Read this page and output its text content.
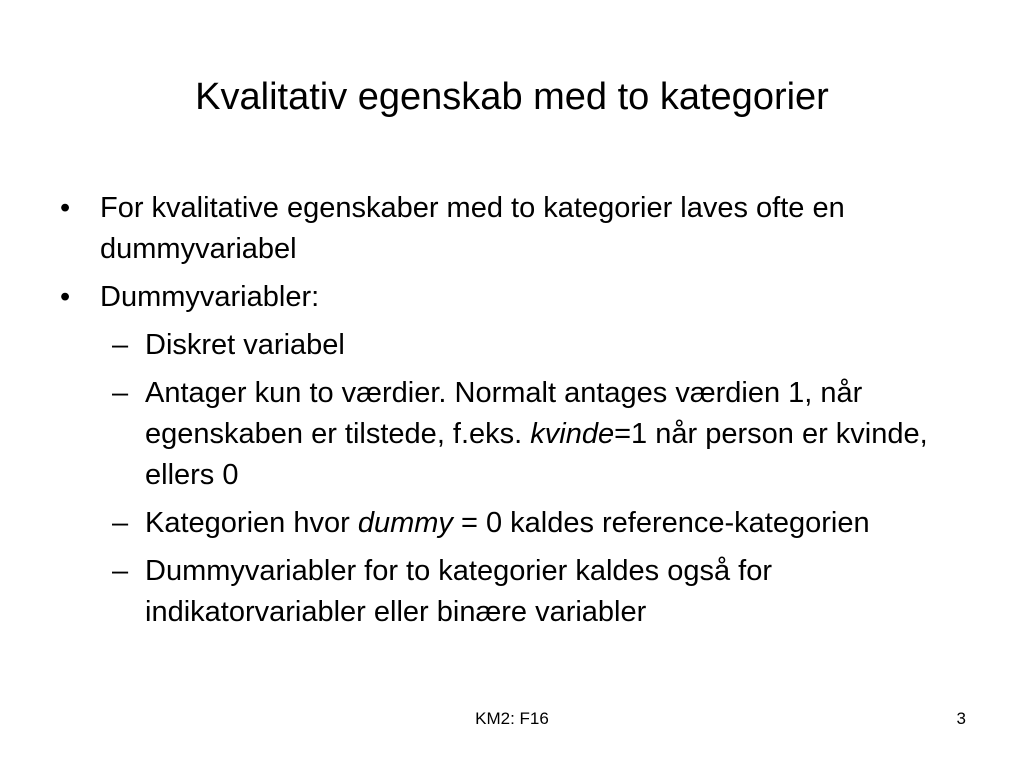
Kvalitativ egenskab med to kategorier
•	For kvalitative egenskaber med to kategorier laves ofte en dummyvariabel
•	Dummyvariabler:
– Diskret variabel
– Antager kun to værdier. Normalt antages værdien 1, når egenskaben er tilstede, f.eks. kvinde=1 når person er kvinde, ellers 0
– Kategorien hvor dummy = 0 kaldes reference-kategorien
– Dummyvariabler for to kategorier kaldes også for indikatorvariabler eller binære variabler
KM2: F16	3
